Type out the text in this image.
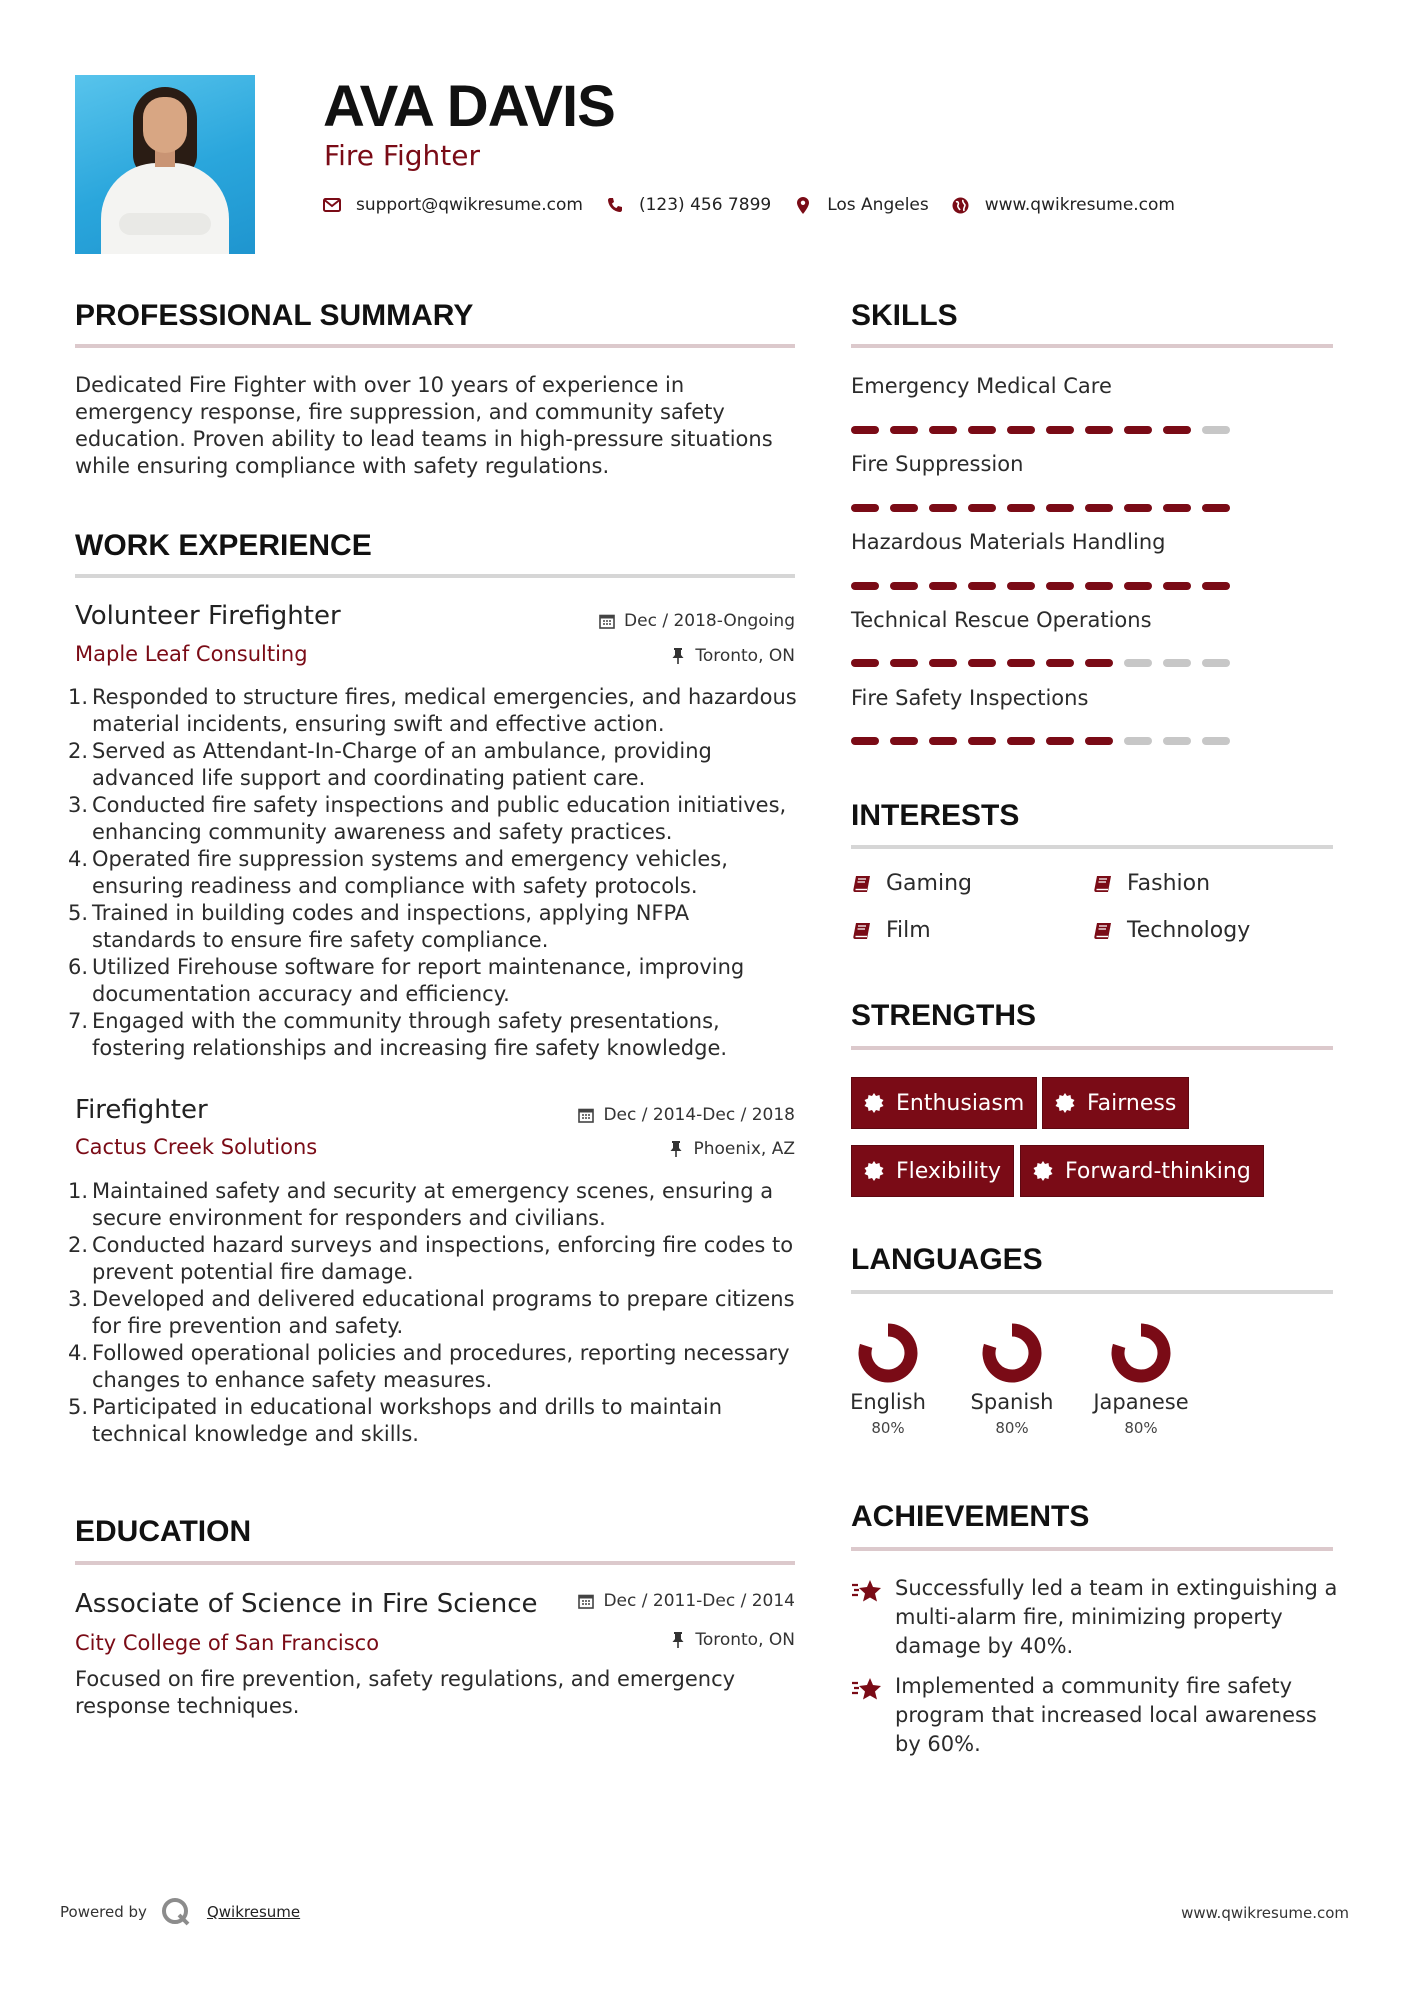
AVA DAVIS
Fire Fighter
support@qwikresume.com	(123) 456 7899	Los Angeles	www.qwikresume.com
PROFESSIONAL SUMMARY
Dedicated Fire Fighter with over 10 years of experience in emergency response, fire suppression, and community safety education. Proven ability to lead teams in high-pressure situations while ensuring compliance with safety regulations.
WORK EXPERIENCE
Volunteer Firefighter
Maple Leaf Consulting
Dec / 2018-Ongoing
Toronto, ON
1. Responded to structure fires, medical emergencies, and hazardous material incidents, ensuring swift and effective action.
2. Served as Attendant-In-Charge of an ambulance, providing advanced life support and coordinating patient care.
3. Conducted fire safety inspections and public education initiatives, enhancing community awareness and safety practices.
4. Operated fire suppression systems and emergency vehicles, ensuring readiness and compliance with safety protocols.
5. Trained in building codes and inspections, applying NFPA standards to ensure fire safety compliance.
6. Utilized Firehouse software for report maintenance, improving documentation accuracy and efficiency.
7. Engaged with the community through safety presentations, fostering relationships and increasing fire safety knowledge.
Firefighter
Cactus Creek Solutions
Dec / 2014-Dec / 2018
Phoenix, AZ
1. Maintained safety and security at emergency scenes, ensuring a secure environment for responders and civilians.
2. Conducted hazard surveys and inspections, enforcing fire codes to prevent potential fire damage.
3. Developed and delivered educational programs to prepare citizens for fire prevention and safety.
4. Followed operational policies and procedures, reporting necessary changes to enhance safety measures.
5. Participated in educational workshops and drills to maintain technical knowledge and skills.
EDUCATION
Associate of Science in Fire Science
City College of San Francisco
Dec / 2011-Dec / 2014
Toronto, ON
Focused on fire prevention, safety regulations, and emergency response techniques.
SKILLS
Emergency Medical Care
Fire Suppression
Hazardous Materials Handling
Technical Rescue Operations
Fire Safety Inspections
INTERESTS
Gaming	Fashion
Film	Technology
STRENGTHS
Enthusiasm	Fairness
Flexibility	Forward-thinking
LANGUAGES
English
80%
Spanish
80%
Japanese
80%
ACHIEVEMENTS
Successfully led a team in extinguishing a multi-alarm fire, minimizing property damage by 40%.
Implemented a community fire safety program that increased local awareness by 60%.
Powered by	Qwikresume	www.qwikresume.com
